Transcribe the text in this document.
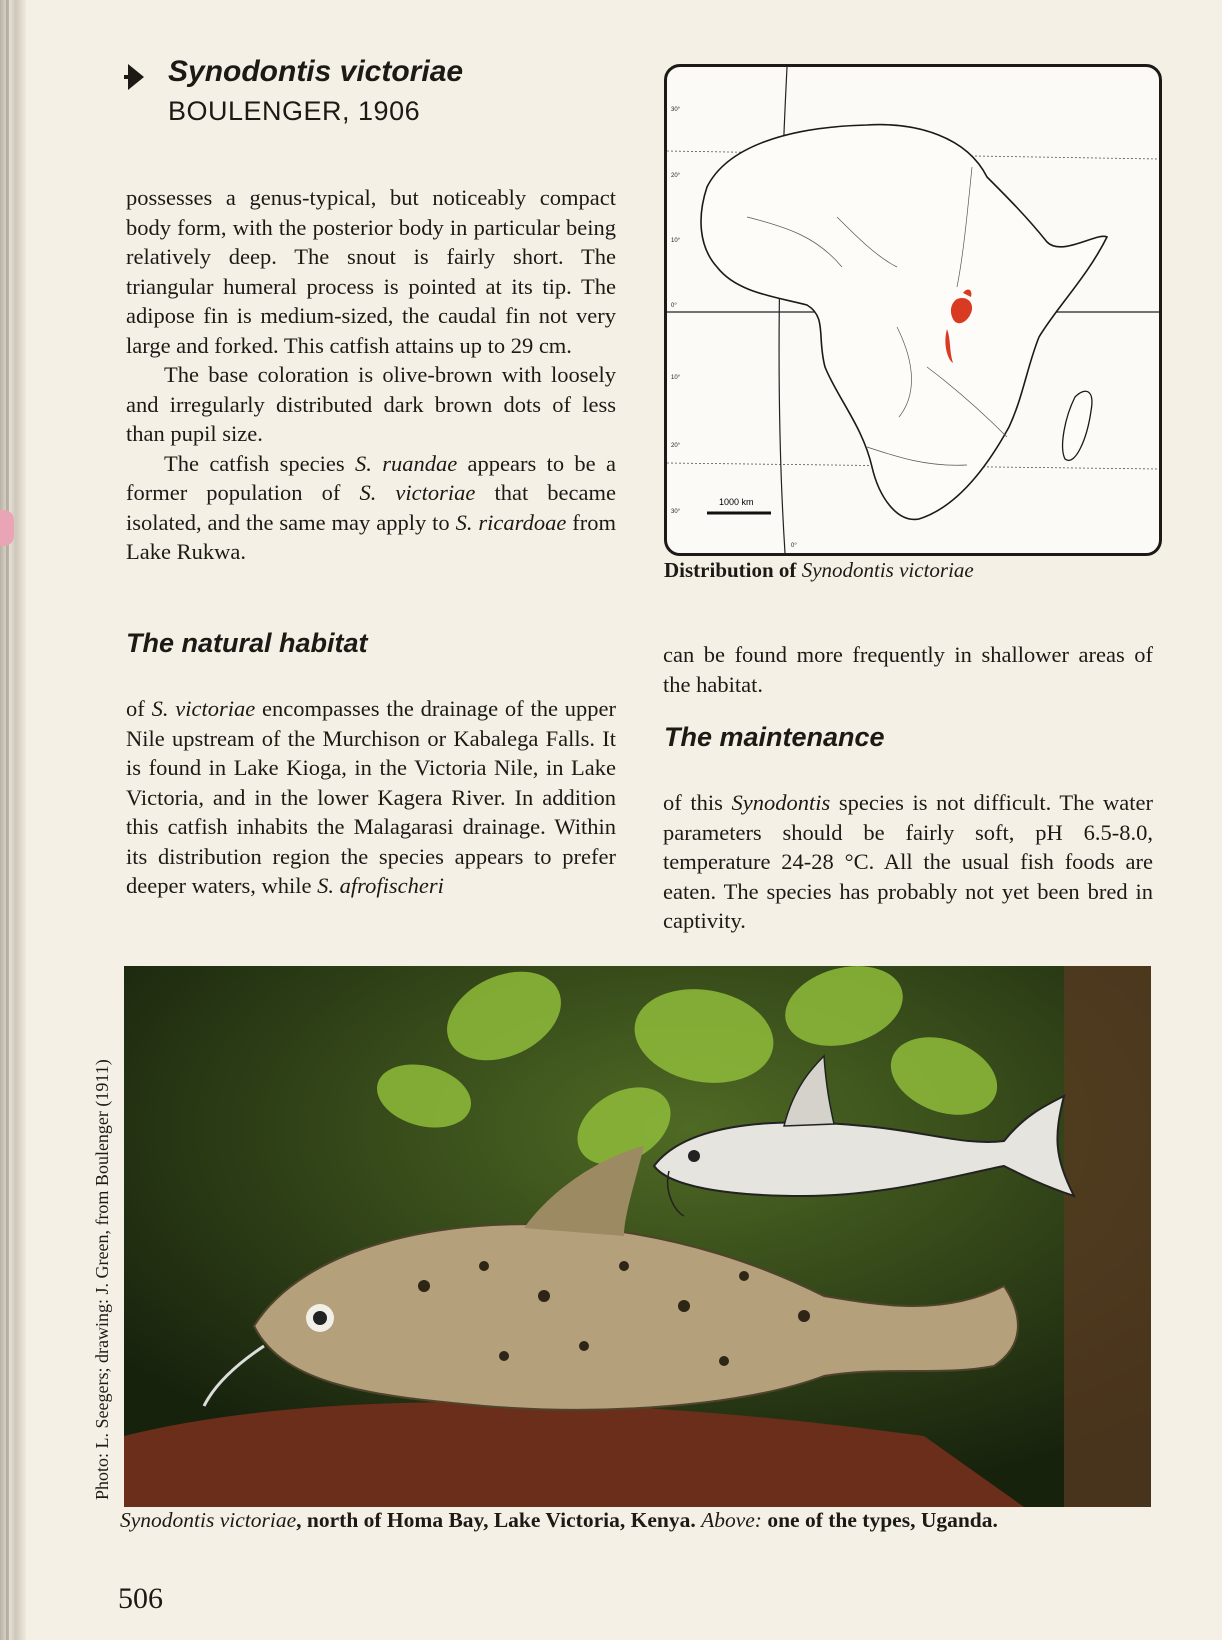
Synodontis victoriae
BOULENGER, 1906

possesses a genus-typical, but noticeably compact body form, with the posterior body in particular being relatively deep. The snout is fairly short. The triangular humeral process is pointed at its tip. The adipose fin is medium-sized, the caudal fin not very large and forked. This catfish attains up to 29 cm.

The base coloration is olive-brown with loosely and irregularly distributed dark brown dots of less than pupil size.

The catfish species S. ruandae appears to be a former population of S. victoriae that became isolated, and the same may apply to S. ricardoae from Lake Rukwa.

The natural habitat

of S. victoriae encompasses the drainage of the upper Nile upstream of the Murchison or Kabalega Falls. It is found in Lake Kioga, in the Victoria Nile, in Lake Victoria, and in the lower Kagera River. In addition this catfish inhabits the Malagarasi drainage. Within its distribution region the species appears to prefer deeper waters, while S. afrofischeri

1000 km
30°
20°
10°
0°
10°
20°
30°
0°
Distribution of Synodontis victoriae
can be found more frequently in shallower areas of the habitat.
The maintenance

of this Synodontis species is not difficult. The water parameters should be fairly soft, pH 6.5-8.0, temperature 24-28 °C. All the usual fish foods are eaten. The species has probably not yet been bred in captivity.

Photo: L. Seegers; drawing: J. Green, from Boulenger (1911)
Synodontis victoriae, north of Homa Bay, Lake Victoria, Kenya. Above: one of the types, Uganda.
506
